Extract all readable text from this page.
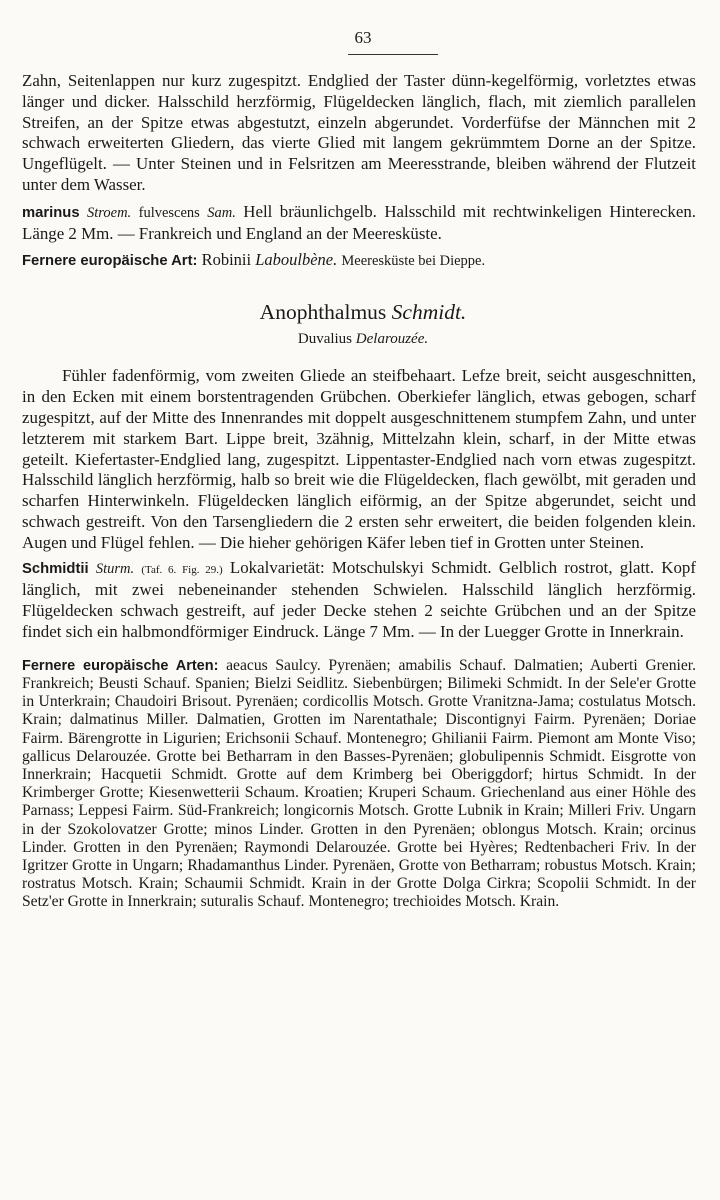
63

Zahn, Seitenlappen nur kurz zugespitzt. Endglied der Taster dünn-kegelförmig, vorletztes etwas länger und dicker. Halsschild herzförmig, Flügeldecken länglich, flach, mit ziemlich parallelen Streifen, an der Spitze etwas abgestutzt, einzeln abgerundet. Vorderfüfse der Männchen mit 2 schwach erweiterten Gliedern, das vierte Glied mit langem gekrümmtem Dorne an der Spitze. Ungeflügelt. — Unter Steinen und in Felsritzen am Meeresstrande, bleiben während der Flutzeit unter dem Wasser.

marinus Stroem. fulvescens Sam. Hell bräunlichgelb. Halsschild mit rechtwinkeligen Hinterecken. Länge 2 Mm. — Frankreich und England an der Meeresküste.

Fernere europäische Art: Robinii Laboulbène. Meeresküste bei Dieppe.

Anophthalmus Schmidt.
Duvalius Delarouzée.

Fühler fadenförmig, vom zweiten Gliede an steifbehaart. Lefze breit, seicht ausgeschnitten, in den Ecken mit einem borstentragenden Grübchen. Oberkiefer länglich, etwas gebogen, scharf zugespitzt, auf der Mitte des Innenrandes mit doppelt ausgeschnittenem stumpfem Zahn, und unter letzterem mit starkem Bart. Lippe breit, 3zähnig, Mittelzahn klein, scharf, in der Mitte etwas geteilt. Kiefertaster-Endglied lang, zugespitzt. Lippentaster-Endglied nach vorn etwas zugespitzt. Halsschild länglich herzförmig, halb so breit wie die Flügeldecken, flach gewölbt, mit geraden und scharfen Hinterwinkeln. Flügeldecken länglich eiförmig, an der Spitze abgerundet, seicht und schwach gestreift. Von den Tarsengliedern die 2 ersten sehr erweitert, die beiden folgenden klein. Augen und Flügel fehlen. — Die hieher gehörigen Käfer leben tief in Grotten unter Steinen.

Schmidtii Sturm. (Taf. 6. Fig. 29.) Lokalvarietät: Motschulskyi Schmidt. Gelblich rostrot, glatt. Kopf länglich, mit zwei nebeneinander stehenden Schwielen. Halsschild länglich herzförmig. Flügeldecken schwach gestreift, auf jeder Decke stehen 2 seichte Grübchen und an der Spitze findet sich ein halbmondförmiger Eindruck. Länge 7 Mm. — In der Luegger Grotte in Innerkrain.

Fernere europäische Arten: aeacus Saulcy. Pyrenäen; amabilis Schauf. Dalmatien; Auberti Grenier. Frankreich; Beusti Schauf. Spanien; Bielzi Seidlitz. Siebenbürgen; Bilimeki Schmidt. In der Sele'er Grotte in Unterkrain; Chaudoiri Brisout. Pyrenäen; cordicollis Motsch. Grotte Vranitzna-Jama; costulatus Motsch. Krain; dalmatinus Miller. Dalmatien, Grotten im Narentathale; Discontignyi Fairm. Pyrenäen; Doriae Fairm. Bärengrotte in Ligurien; Erichsonii Schauf. Montenegro; Ghilianii Fairm. Piemont am Monte Viso; gallicus Delarouzée. Grotte bei Betharram in den Basses-Pyrenäen; globulipennis Schmidt. Eisgrotte von Innerkrain; Hacquetii Schmidt. Grotte auf dem Krimberg bei Oberiggdorf; hirtus Schmidt. In der Krimberger Grotte; Kiesenwetterii Schaum. Kroatien; Kruperi Schaum. Griechenland aus einer Höhle des Parnass; Leppesi Fairm. Süd-Frankreich; longicornis Motsch. Grotte Lubnik in Krain; Milleri Friv. Ungarn in der Szokolovatzer Grotte; minos Linder. Grotten in den Pyrenäen; oblongus Motsch. Krain; orcinus Linder. Grotten in den Pyrenäen; Raymondi Delarouzée. Grotte bei Hyères; Redtenbacheri Friv. In der Igritzer Grotte in Ungarn; Rhadamanthus Linder. Pyrenäen, Grotte von Betharram; robustus Motsch. Krain; rostratus Motsch. Krain; Schaumii Schmidt. Krain in der Grotte Dolga Cirkra; Scopolii Schmidt. In der Setz'er Grotte in Innerkrain; suturalis Schauf. Montenegro; trechioides Motsch. Krain.
